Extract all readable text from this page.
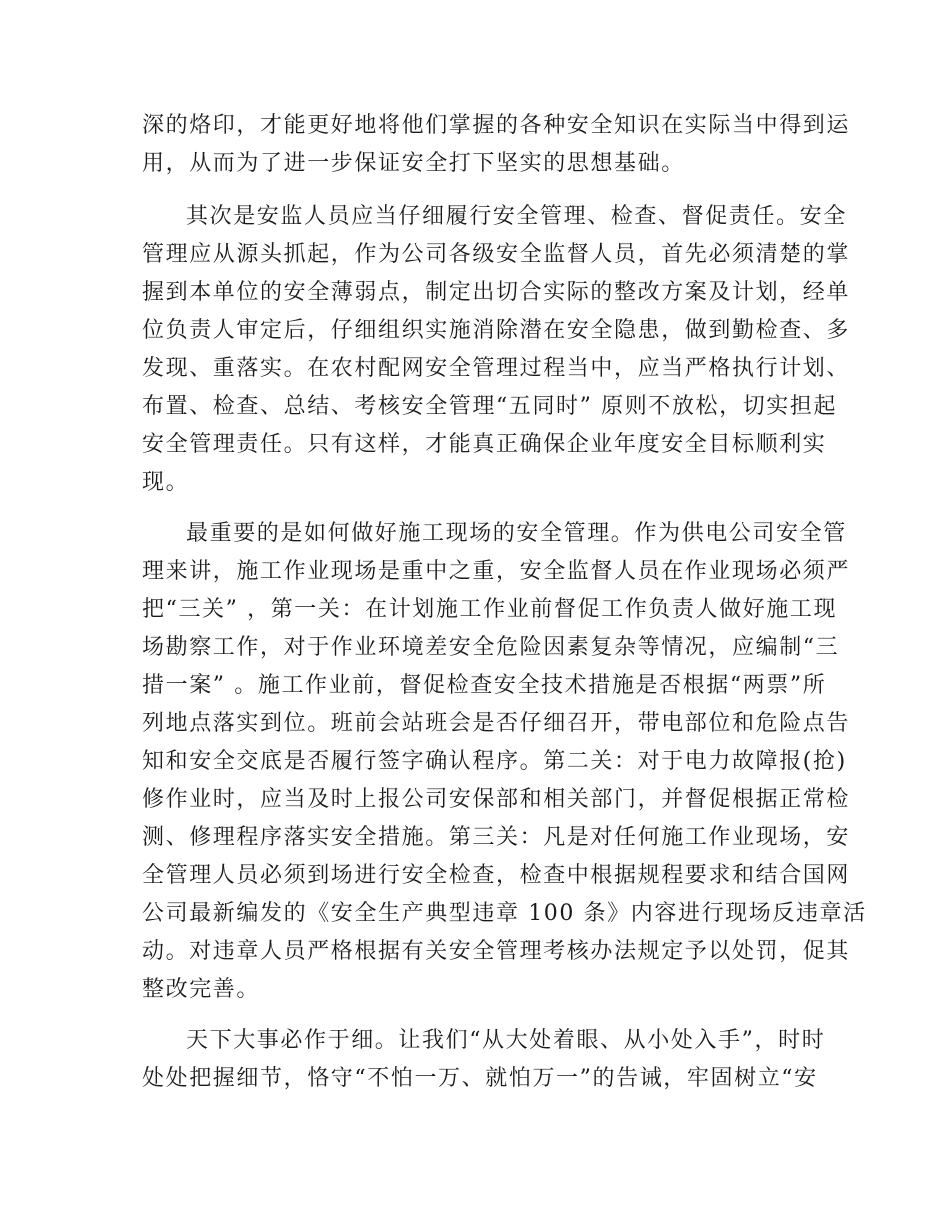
深的烙印，才能更好地将他们掌握的各种安全知识在实际当中得到运

用，从而为了进一步保证安全打下坚实的思想基础。

其次是安监人员应当仔细履行安全管理、检查、督促责任。安全

管理应从源头抓起，作为公司各级安全监督人员，首先必须清楚的掌

握到本单位的安全薄弱点，制定出切合实际的整改方案及计划，经单

位负责人审定后，仔细组织实施消除潜在安全隐患，做到勤检查、多

发现、重落实。在农村配网安全管理过程当中，应当严格执行计划、

布置、检查、总结、考核安全管理“五同时” 原则不放松，切实担起

安全管理责任。只有这样，才能真正确保企业年度安全目标顺利实

现。

最重要的是如何做好施工现场的安全管理。作为供电公司安全管

理来讲，施工作业现场是重中之重，安全监督人员在作业现场必须严

把“三关” ，第一关：在计划施工作业前督促工作负责人做好施工现

场勘察工作，对于作业环境差安全危险因素复杂等情况，应编制“三

措一案” 。施工作业前，督促检查安全技术措施是否根据“两票”所

列地点落实到位。班前会站班会是否仔细召开，带电部位和危险点告

知和安全交底是否履行签字确认程序。第二关：对于电力故障报(抢)

修作业时，应当及时上报公司安保部和相关部门，并督促根据正常检

测、修理程序落实安全措施。第三关：凡是对任何施工作业现场，安

全管理人员必须到场进行安全检查，检查中根据规程要求和结合国网

公司最新编发的《安全生产典型违章 100 条》内容进行现场反违章活

动。对违章人员严格根据有关安全管理考核办法规定予以处罚，促其

整改完善。

天下大事必作于细。让我们“从大处着眼、从小处入手”，时时

处处把握细节，恪守“不怕一万、就怕万一”的告诫，牢固树立“安
